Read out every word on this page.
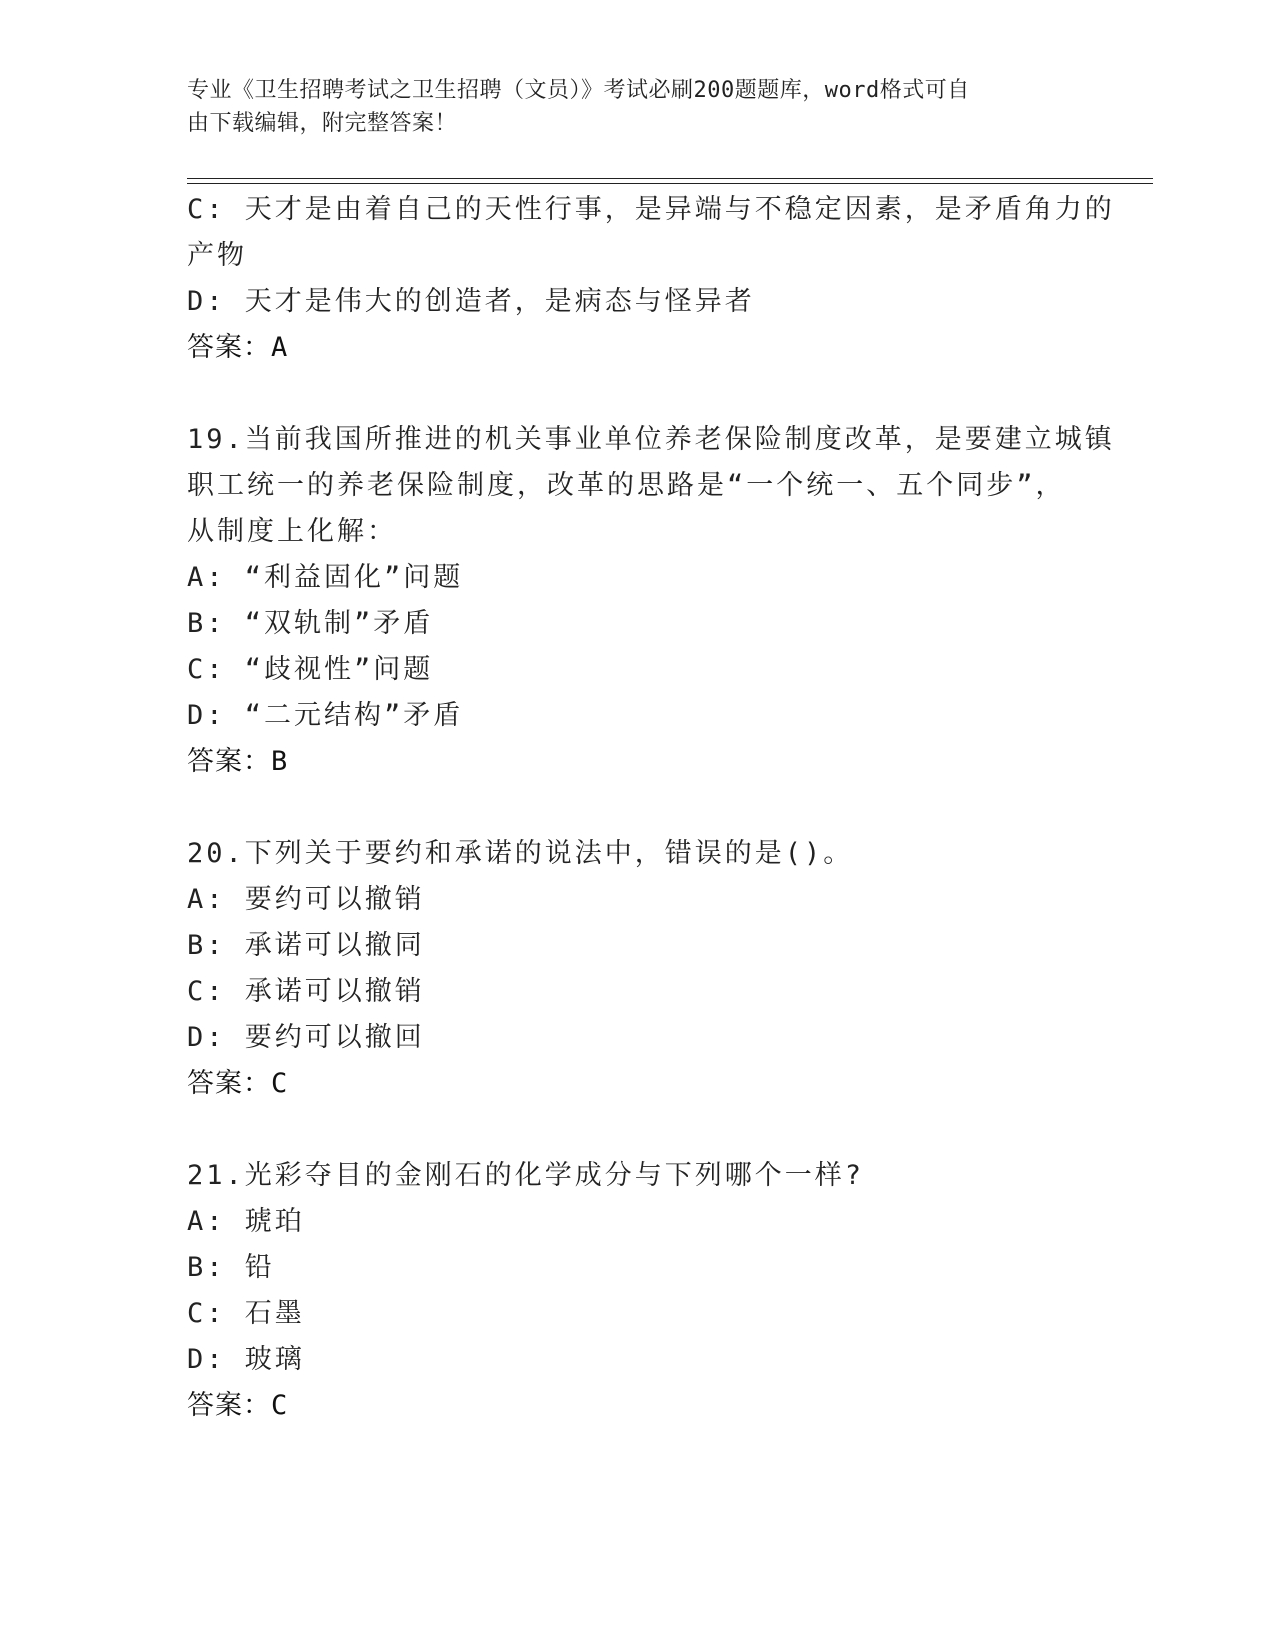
专业《卫生招聘考试之卫生招聘（文员）》考试必刷200题题库，word格式可自
由下载编辑，附完整答案！
C: 天才是由着自己的天性行事，是异端与不稳定因素，是矛盾角力的
产物
D: 天才是伟大的创造者，是病态与怪异者
答案：A
19.当前我国所推进的机关事业单位养老保险制度改革，是要建立城镇
职工统一的养老保险制度，改革的思路是“一个统一、五个同步”，
从制度上化解：
A: “利益固化”问题
B: “双轨制”矛盾
C: “歧视性”问题
D: “二元结构”矛盾
答案：B
20.下列关于要约和承诺的说法中，错误的是()。
A: 要约可以撤销
B: 承诺可以撤同
C: 承诺可以撤销
D: 要约可以撤回
答案：C
21.光彩夺目的金刚石的化学成分与下列哪个一样?
A: 琥珀
B: 铅
C: 石墨
D: 玻璃
答案：C
